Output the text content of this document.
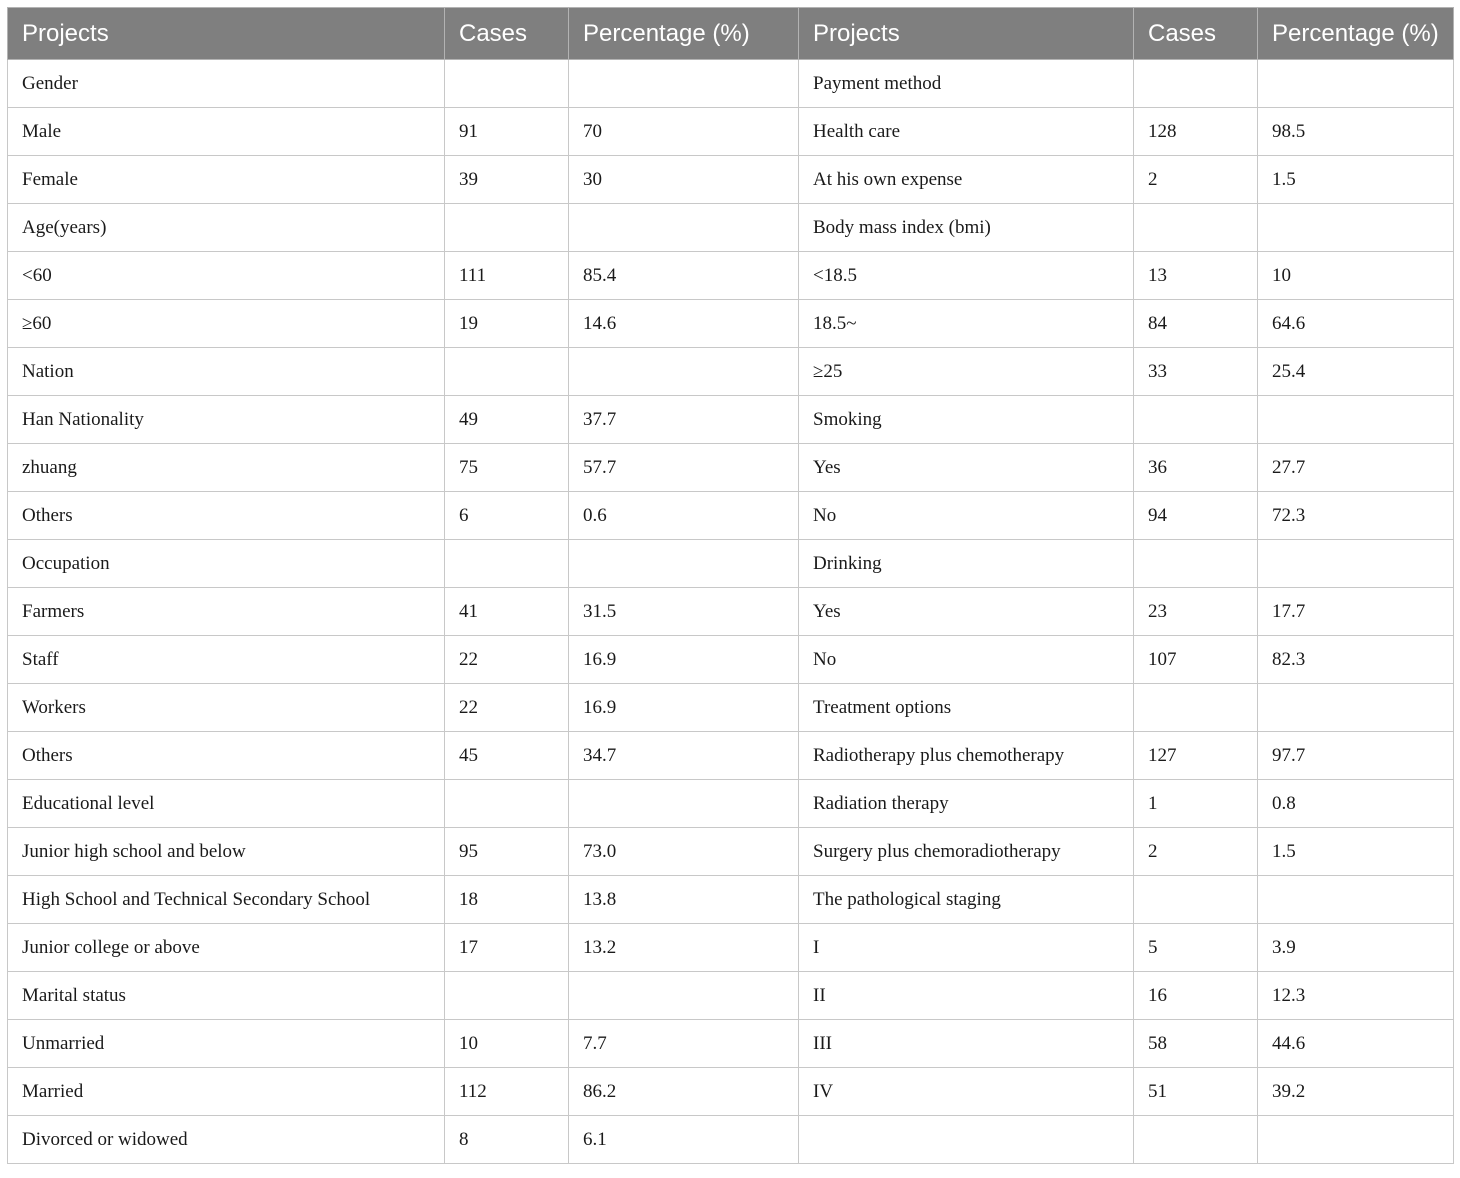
Projects	Cases	Percentage (%)	Projects	Cases	Percentage (%)
Gender			Payment method		
Male	91	70	Health care	128	98.5
Female	39	30	At his own expense	2	1.5
Age(years)			Body mass index (bmi)		
<60	111	85.4	<18.5	13	10
≥60	19	14.6	18.5~	84	64.6
Nation			≥25	33	25.4
Han Nationality	49	37.7	Smoking		
zhuang	75	57.7	Yes	36	27.7
Others	6	0.6	No	94	72.3
Occupation			Drinking		
Farmers	41	31.5	Yes	23	17.7
Staff	22	16.9	No	107	82.3
Workers	22	16.9	Treatment options		
Others	45	34.7	Radiotherapy plus chemotherapy	127	97.7
Educational level			Radiation therapy	1	0.8
Junior high school and below	95	73.0	Surgery plus chemoradiotherapy	2	1.5
High School and Technical Secondary School	18	13.8	The pathological staging		
Junior college or above	17	13.2	I	5	3.9
Marital status			II	16	12.3
Unmarried	10	7.7	III	58	44.6
Married	112	86.2	IV	51	39.2
Divorced or widowed	8	6.1			
